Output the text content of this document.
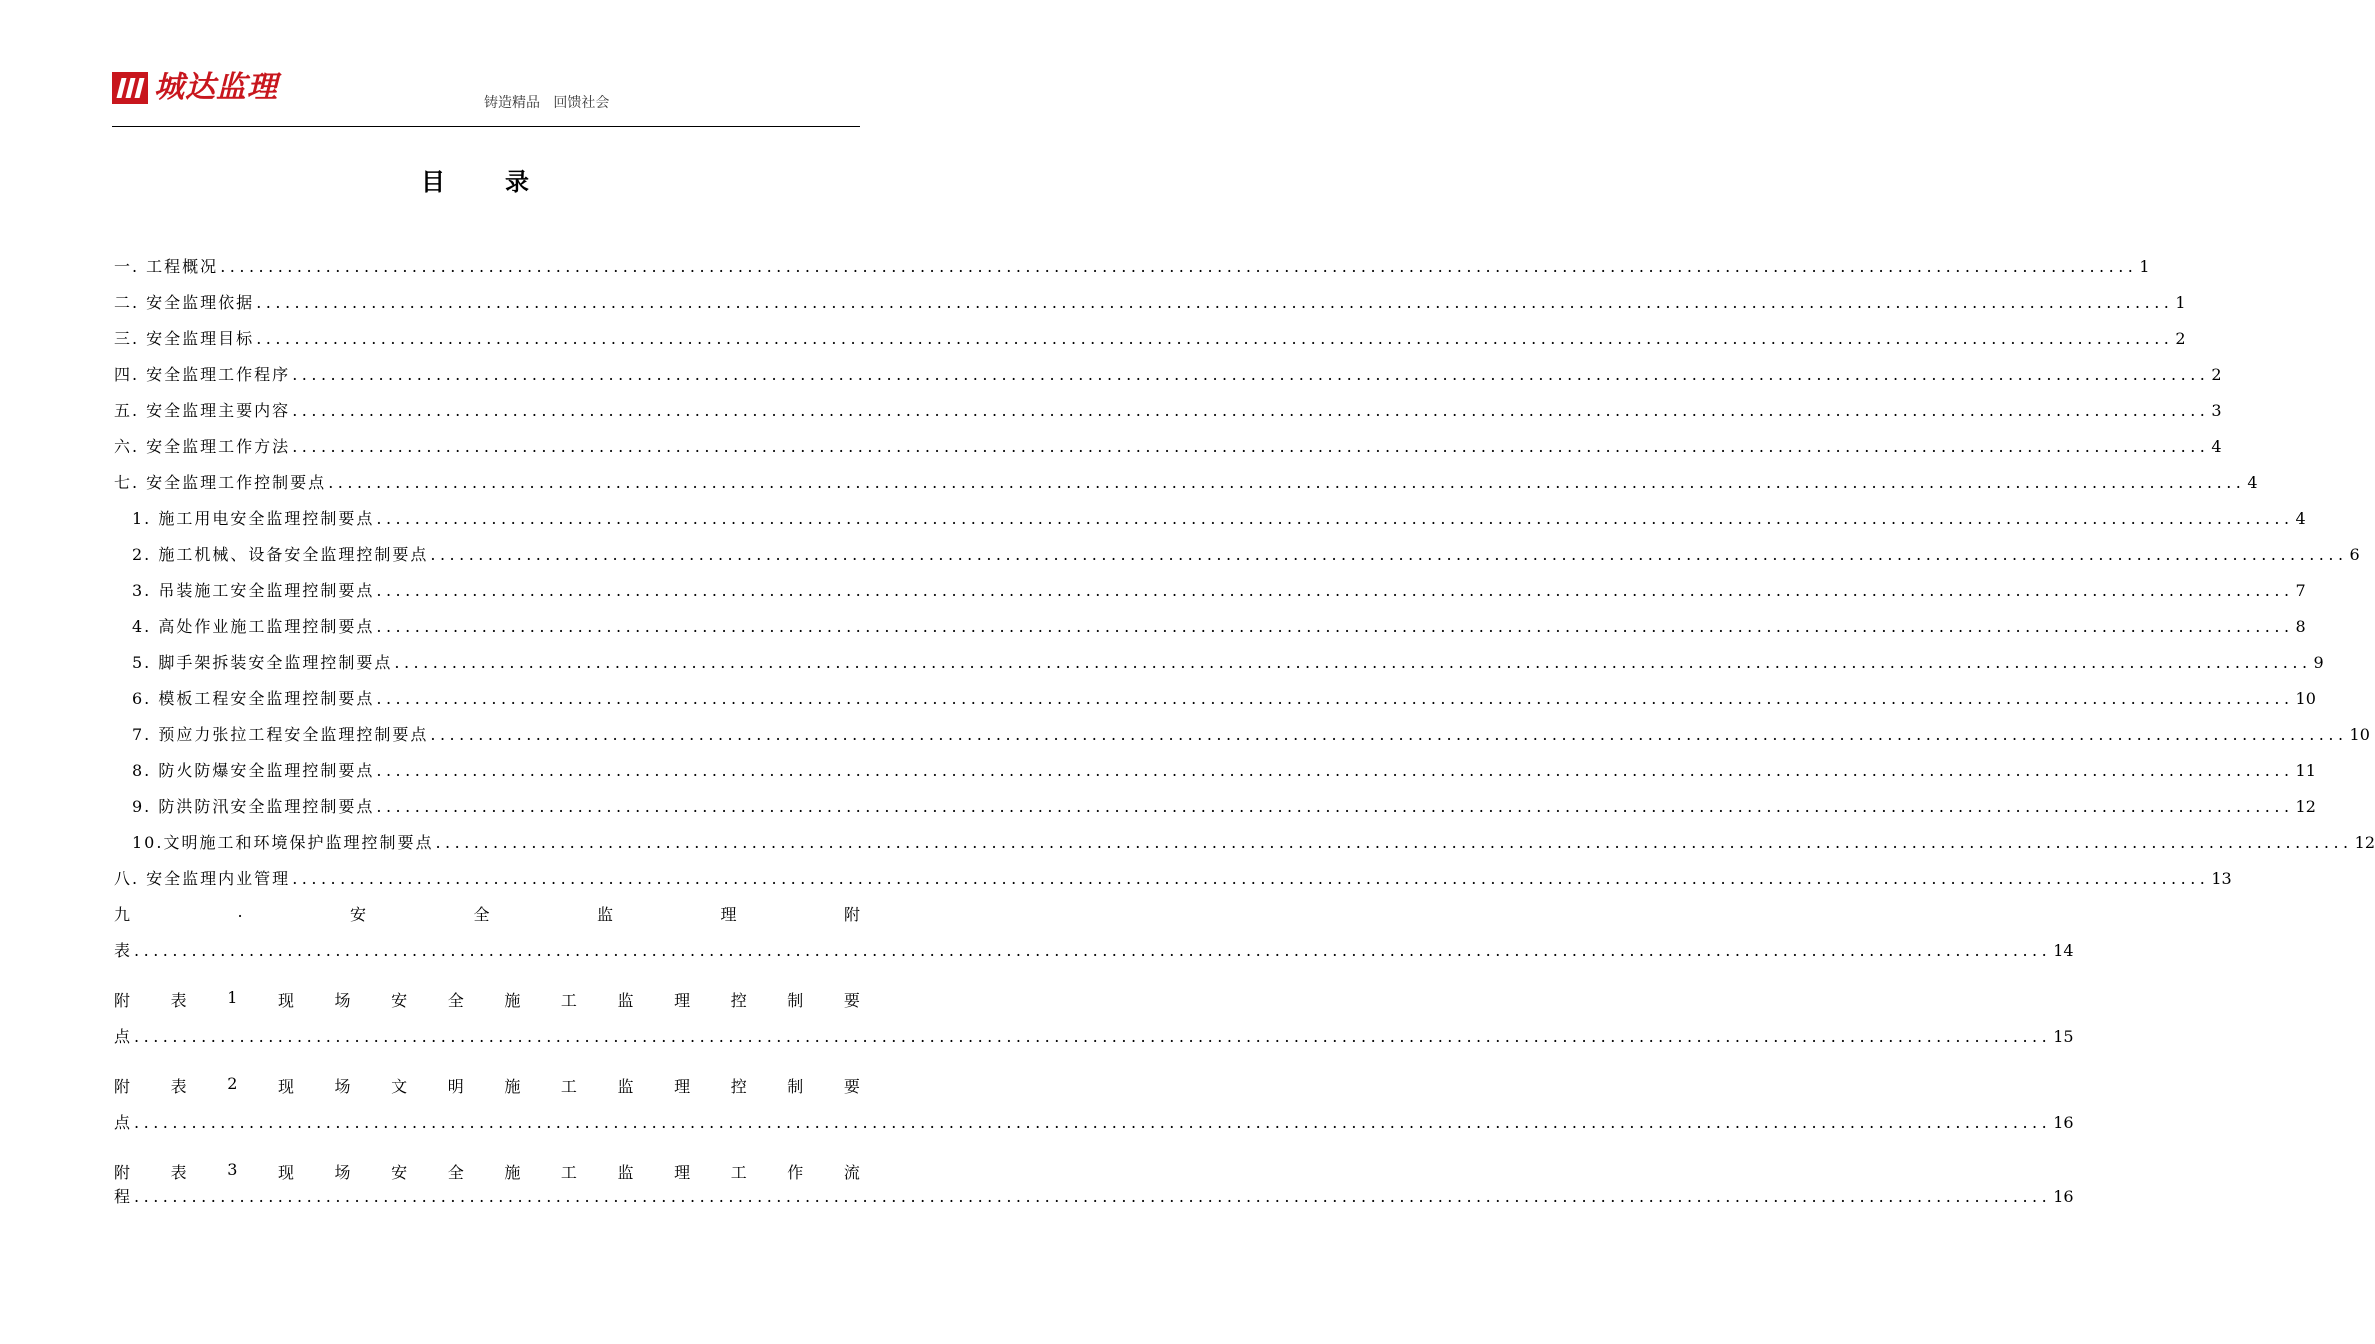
城达监理	铸造精品   回馈社会
目	录
一. 工程概况 ........................................................................................................................................................................................................ 1
二. 安全监理依据 ........................................................................................................................................................................................................ 1
三. 安全监理目标 ........................................................................................................................................................................................................ 2
四. 安全监理工作程序 ........................................................................................................................................................................................................ 2
五. 安全监理主要内容 ........................................................................................................................................................................................................ 3
六. 安全监理工作方法 ........................................................................................................................................................................................................ 4
七. 安全监理工作控制要点 ........................................................................................................................................................................................................ 4
1. 施工用电安全监理控制要点 ........................................................................................................................................................................................................ 4
2. 施工机械、设备安全监理控制要点 ........................................................................................................................................................................................................ 6
3. 吊装施工安全监理控制要点 ........................................................................................................................................................................................................ 7
4. 高处作业施工监理控制要点 ........................................................................................................................................................................................................ 8
5. 脚手架拆装安全监理控制要点 ........................................................................................................................................................................................................ 9
6. 模板工程安全监理控制要点 ........................................................................................................................................................................................................ 10
7. 预应力张拉工程安全监理控制要点 ........................................................................................................................................................................................................ 10
8. 防火防爆安全监理控制要点 ........................................................................................................................................................................................................ 11
9. 防洪防汛安全监理控制要点 ........................................................................................................................................................................................................ 12
10.文明施工和环境保护监理控制要点 ........................................................................................................................................................................................................ 12
八. 安全监理内业管理 ........................................................................................................................................................................................................ 13
九	.	安	全	监	理	附
表 ........................................................................................................................................................................................................ 14
附	表	1	现	场	安	全	施	工	监	理	控	制	要
点 ........................................................................................................................................................................................................ 15
附	表	2	现	场	文	明	施	工	监	理	控	制	要
点 ........................................................................................................................................................................................................ 16
附	表	3	现	场	安	全	施	工	监	理	工	作	流
程 ........................................................................................................................................................................................................ 16
